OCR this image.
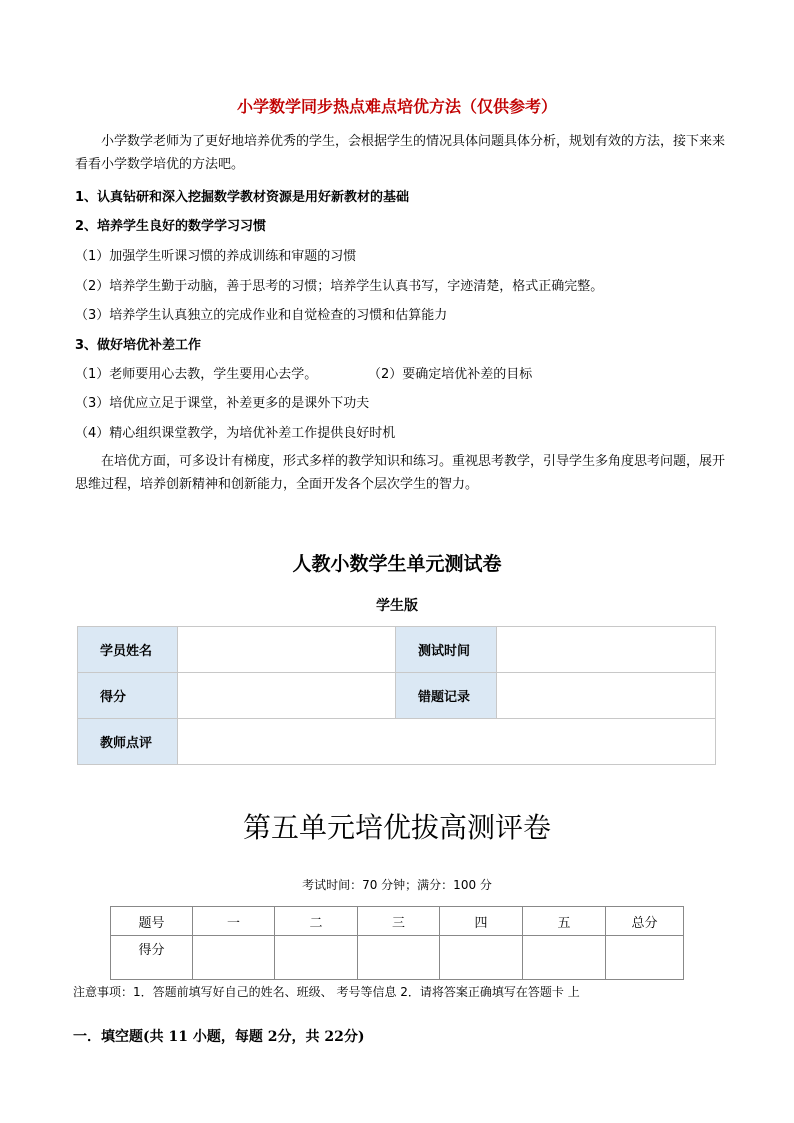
小学数学同步热点难点培优方法（仅供参考）
小学数学老师为了更好地培养优秀的学生，会根据学生的情况具体问题具体分析，规划有效的方法，接下来来看看小学数学培优的方法吧。
1、认真钻研和深入挖掘数学教材资源是用好新教材的基础
2、培养学生良好的数学学习习惯
（1）加强学生听课习惯的养成训练和审题的习惯
（2）培养学生勤于动脑，善于思考的习惯；培养学生认真书写，字迹清楚，格式正确完整。
（3）培养学生认真独立的完成作业和自觉检查的习惯和估算能力
3、做好培优补差工作
（1）老师要用心去教，学生要用心去学。	（2）要确定培优补差的目标
（3）培优应立足于课堂，补差更多的是课外下功夫
（4）精心组织课堂教学，为培优补差工作提供良好时机
在培优方面，可多设计有梯度，形式多样的教学知识和练习。重视思考教学，引导学生多角度思考问题，展开思维过程，培养创新精神和创新能力，全面开发各个层次学生的智力。
人教小数学生单元测试卷
学生版
学员姓名		测试时间	
得分		错题记录	
教师点评			
第五单元培优拔高测评卷
考试时间：70 分钟；满分：100 分
题号	一	二	三	四	五	总分
得分						
注意事项：1．答题前填写好自己的姓名、班级、 考号等信息 2．请将答案正确填写在答题卡 上
一．填空题(共 11 小题，每题 2分，共 22分)
